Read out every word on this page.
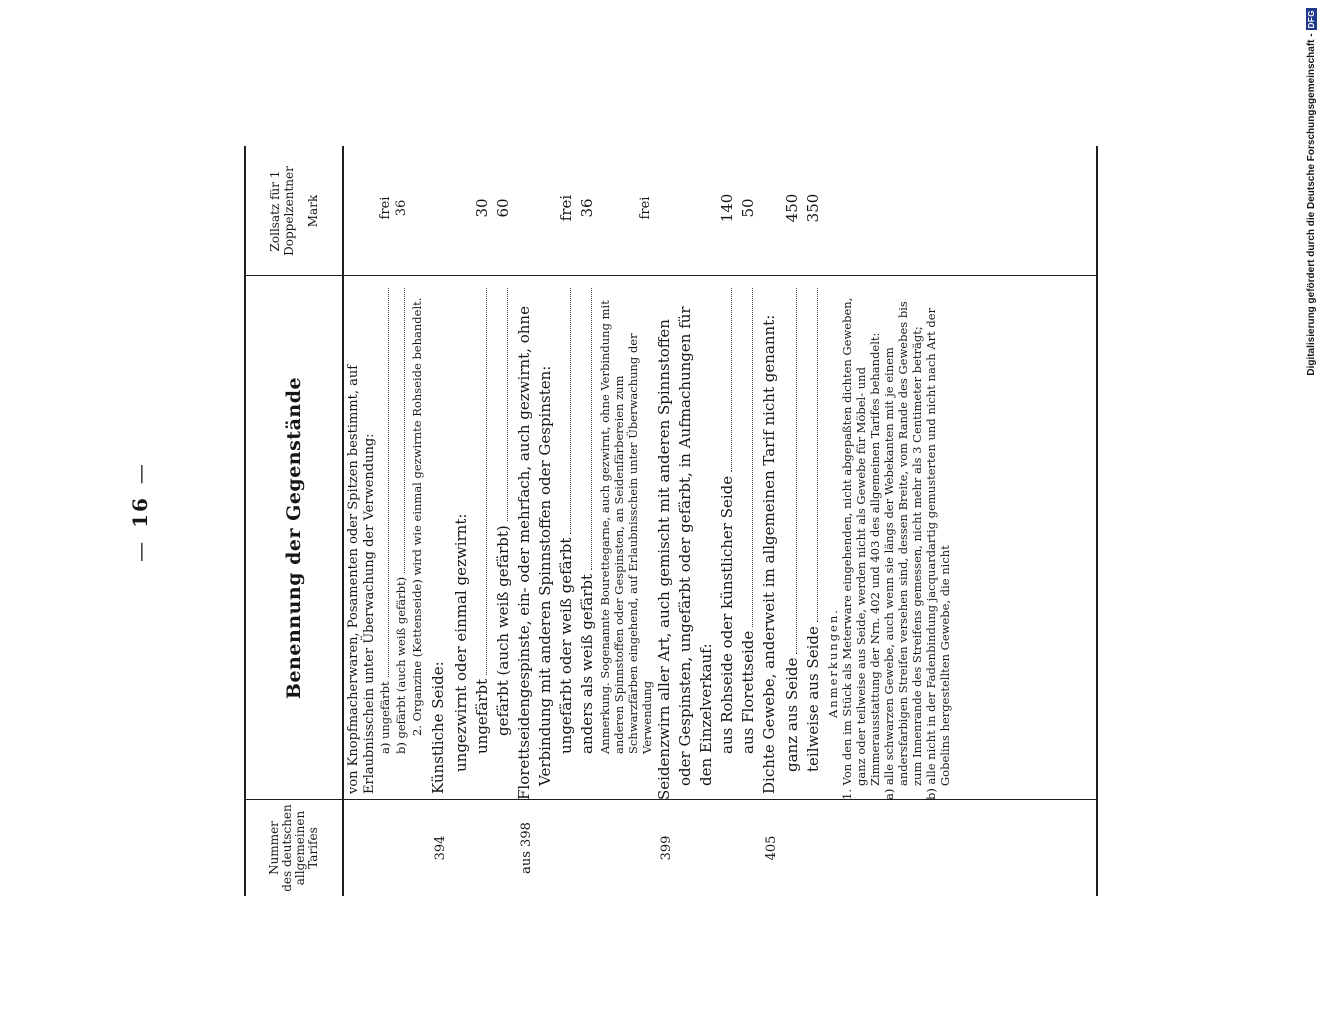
—16—
Nummer des deutschen allgemeinen Tarifes
Benennung der Gegenstände
Zollsatz für 1 Doppelzentner Mark
von Knopfmacherwaren, Posamenten oder Spitzen bestimmt, auf Erlaubnisschein unter Überwachung der Verwendung: a) ungefärbt
frei
b) gefärbt (auch weiß gefärbt)
36
2. Organzine (Kettenseide) wird wie einmal gezwirnte Rohseide behandelt.
394
Künstliche Seide: ungezwirnt oder einmal gezwirnt: ungefärbt
30
gefärbt (auch weiß gefärbt)
60
aus 398
Florettseidengespinste, ein- oder mehrfach, auch gezwirnt, ohne Verbindung mit anderen Spinnstoffen oder Gespinsten: ungefärbt oder weiß gefärbt
frei
anders als weiß gefärbt
36
Anmerkung. Sogenannte Bourettegarne, auch gezwirnt, ohne Verbindung mit anderen Spinnstoffen oder Gespinsten, an Seidenfärbereien zum Schwarzfärben eingehend, auf Erlaubnisschein unter Überwachung der Verwendung
frei
399
Seidenzwirn aller Art, auch gemischt mit anderen Spinnstoffen oder Gespinsten, ungefärbt oder gefärbt, in Aufmachungen für den Einzelverkauf: aus Rohseide oder künstlicher Seide
140
aus Florettseide
50
405
Dichte Gewebe, anderweit im allgemeinen Tarif nicht genannt: ganz aus Seide
450
teilweise aus Seide
350
Anmerkungen. 1. Von den im Stück als Meterware eingehenden, nicht abgepaßten dichten Geweben, ganz oder teilweise aus Seide, werden nicht als Gewebe für Möbel- und Zimmerausstattung der Nrn. 402 und 403 des allgemeinen Tarifes behandelt: a) alle schwarzen Gewebe, auch wenn sie längs der Webekanten mit je einem andersfarbigen Streifen versehen sind, dessen Breite, vom Rande des Gewebes bis zum Innenrande des Streifens gemessen, nicht mehr als 3 Centimeter beträgt; b) alle nicht in der Fadenbindung jacquardartig gemusterten und nicht nach Art der Gobelins hergestellten Gewebe, die nicht
Digitalisierung gefördert durch die Deutsche Forschungsgemeinschaft -
DFG
